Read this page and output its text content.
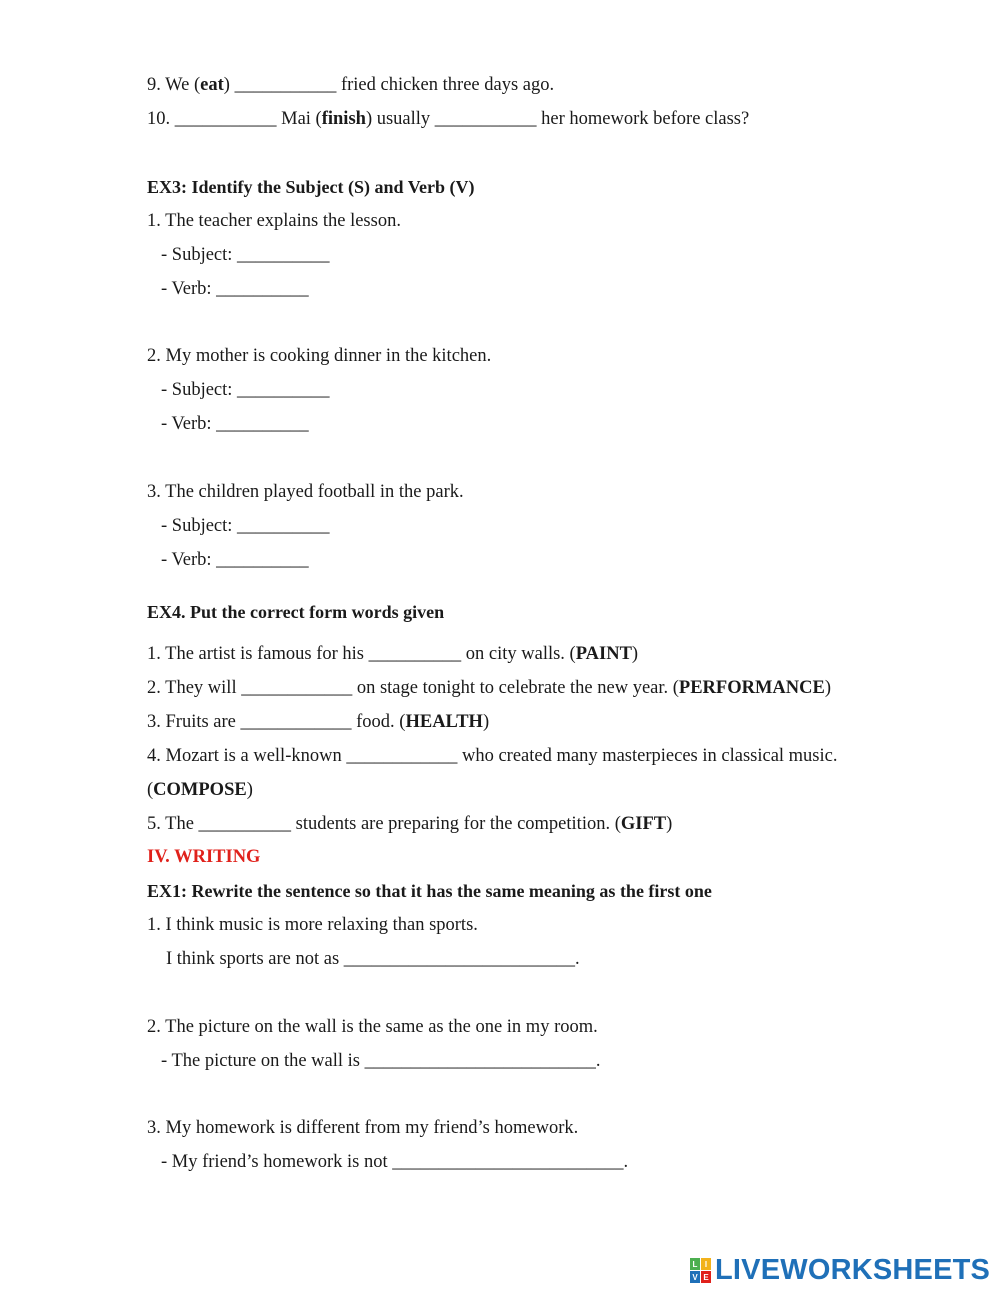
9. We (eat) ___________ fried chicken three days ago.
10. ___________ Mai (finish) usually ___________ her homework before class?
EX3: Identify the Subject (S) and Verb (V)
1. The teacher explains the lesson.
- Subject: __________
- Verb: __________
2. My mother is cooking dinner in the kitchen.
- Subject: __________
- Verb: __________
3. The children played football in the park.
- Subject: __________
- Verb: __________
EX4. Put the correct form words given
1. The artist is famous for his __________ on city walls. (PAINT)
2. They will ____________ on stage tonight to celebrate the new year. (PERFORMANCE)
3. Fruits are ____________ food. (HEALTH)
4. Mozart is a well-known ____________ who created many masterpieces in classical music.
(COMPOSE)
5. The __________ students are preparing for the competition. (GIFT)
IV. WRITING
EX1: Rewrite the sentence so that it has the same meaning as the first one
1. I think music is more relaxing than sports.
I think sports are not as _________________________.
2. The picture on the wall is the same as the one in my room.
- The picture on the wall is _________________________.
3. My homework is different from my friend’s homework.
- My friend’s homework is not _________________________.
L I
V E LIVEWORKSHEETS
